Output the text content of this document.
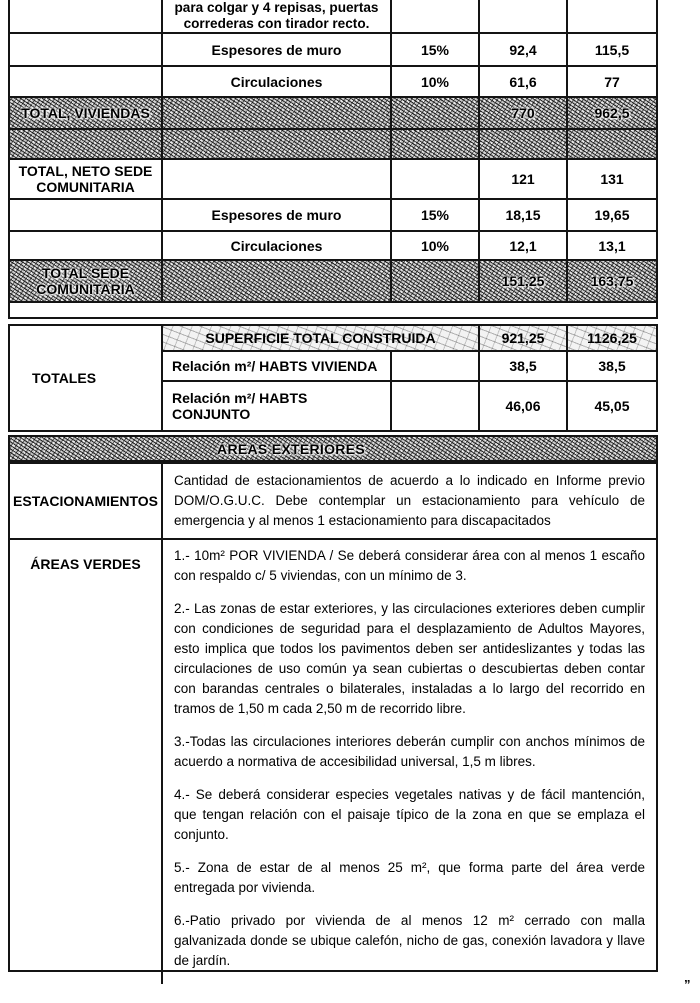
para colgar y 4 repisas, puertas correderas con tirador recto.
Espesores de muro	15%	92,4	115,5
Circulaciones	10%	61,6	77
TOTAL, VIVIENDAS	770	962,5
TOTAL, NETO SEDE COMUNITARIA	121	131
Espesores de muro	15%	18,15	19,65
Circulaciones	10%	12,1	13,1
TOTAL SEDE COMUNITARIA	151,25	163,75
TOTALES
SUPERFICIE TOTAL CONSTRUIDA	921,25	1126,25
Relación m²/ HABTS VIVIENDA	38,5	38,5
Relación m²/ HABTS CONJUNTO	46,06	45,05
ÁREAS EXTERIORES
ESTACIONAMIENTOS

Cantidad de estacionamientos de acuerdo a lo indicado en Informe previo DOM/O.G.U.C. Debe contemplar un estacionamiento para vehículo de emergencia y al menos 1 estacionamiento para discapacitados

ÁREAS VERDES

1.- 10m² POR VIVIENDA / Se deberá considerar área con al menos 1 escaño con respaldo c/ 5 viviendas, con un mínimo de 3.

2.- Las zonas de estar exteriores, y las circulaciones exteriores deben cumplir con condiciones de seguridad para el desplazamiento de Adultos Mayores, esto implica que todos los pavimentos deben ser antideslizantes y todas las circulaciones de uso común ya sean cubiertas o descubiertas deben contar con barandas centrales o bilaterales, instaladas a lo largo del recorrido en tramos de 1,50 m cada 2,50 m de recorrido libre.

3.-Todas las circulaciones interiores deberán cumplir con anchos mínimos de acuerdo a normativa de accesibilidad universal, 1,5 m libres.

4.- Se deberá considerar especies vegetales nativas y de fácil mantención, que tengan relación con el paisaje típico de la zona en que se emplaza el conjunto.

5.- Zona de estar de al menos 25 m², que forma parte del área verde entregada por vivienda.

6.-Patio privado por vivienda de al menos 12 m² cerrado con malla galvanizada donde se ubique calefón, nicho de gas, conexión lavadora y llave de jardín.

”
